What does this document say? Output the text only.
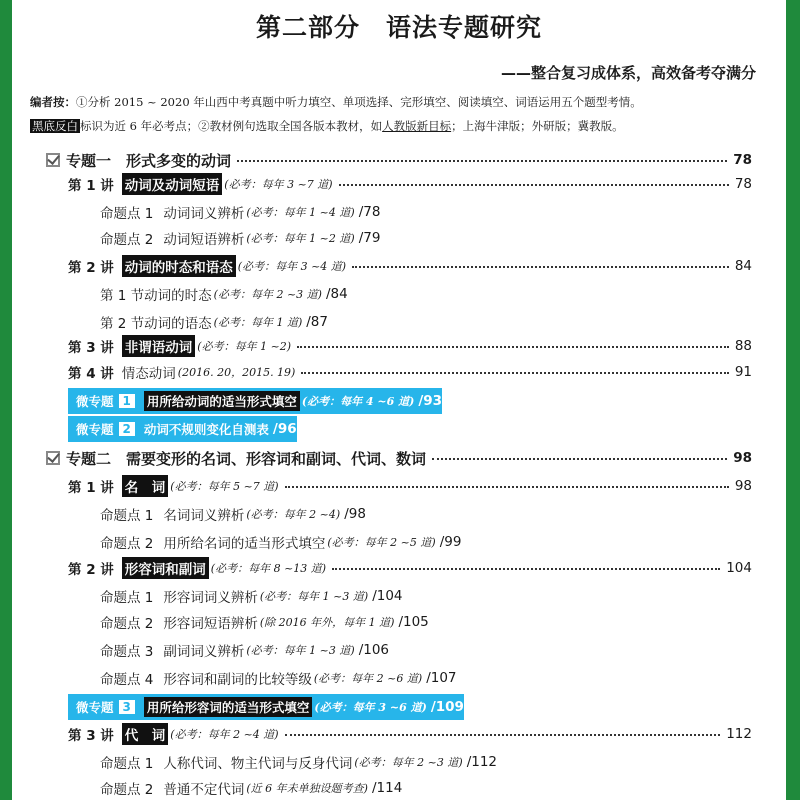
第二部分　语法专题研究
——整合复习成体系，高效备考夺满分
编者按：①分析 2015 ~ 2020 年山西中考真题中听力填空、单项选择、完形填空、阅读填空、词语运用五个题型考情。
黑底反白 标识为近 6 年必考点；②教材例句选取全国各版本教材，如人教版新目标；上海牛津版；外研版；冀教版。
专题一　形式多变的动词	78
第 1 讲 动词及动词短语 (必考：每年 3 ~7 道)	78
命题点 1 动词词义辨析 (必考：每年 1 ~4 道) /78
命题点 2 动词短语辨析 (必考：每年 1 ~2 道) /79
第 2 讲 动词的时态和语态 (必考：每年 3 ~4 道)	84
第 1 节 动词的时态 (必考：每年 2 ~3 道) /84
第 2 节 动词的语态 (必考：每年 1 道) /87
第 3 讲 非谓语动词 (必考：每年 1 ~2)	88
第 4 讲 情态动词 (2016. 20，2015. 19)	91
微专题 1	用所给动词的适当形式填空 (必考：每年 4 ~6 道) /93
微专题 2	动词不规则变化自测表 /96
专题二　需要变形的名词、形容词和副词、代词、数词	98
第 1 讲 名　词 (必考：每年 5 ~7 道)	98
命题点 1 名词词义辨析 (必考：每年 2 ~4) /98
命题点 2 用所给名词的适当形式填空 (必考：每年 2 ~5 道) /99
第 2 讲 形容词和副词 (必考：每年 8 ~13 道)	104
命题点 1 形容词词义辨析 (必考：每年 1 ~3 道) /104
命题点 2 形容词短语辨析 (除 2016 年外，每年 1 道) /105
命题点 3 副词词义辨析 (必考：每年 1 ~3 道) /106
命题点 4 形容词和副词的比较等级 (必考：每年 2 ~6 道) /107
微专题 3	用所给形容词的适当形式填空 (必考：每年 3 ~6 道) /109
第 3 讲 代　词 (必考：每年 2 ~4 道)	112
命题点 1 人称代词、物主代词与反身代词 (必考：每年 2 ~3 道) /112
命题点 2 普通不定代词 (近 6 年未单独设题考查) /114
